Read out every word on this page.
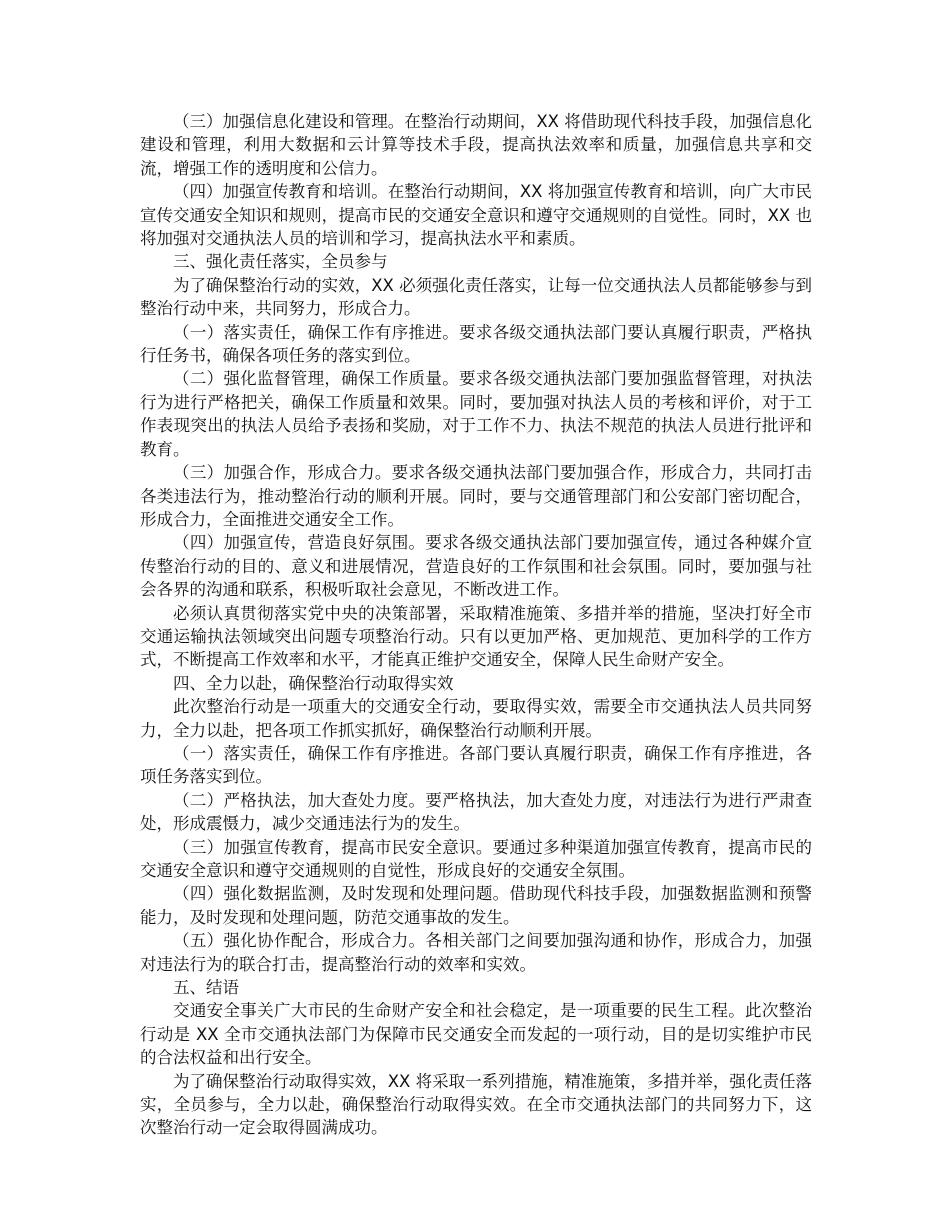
（三）加强信息化建设和管理。在整治行动期间，XX 将借助现代科技手段，加强信息化建设和管理，利用大数据和云计算等技术手段，提高执法效率和质量，加强信息共享和交流，增强工作的透明度和公信力。

（四）加强宣传教育和培训。在整治行动期间，XX 将加强宣传教育和培训，向广大市民宣传交通安全知识和规则，提高市民的交通安全意识和遵守交通规则的自觉性。同时，XX 也将加强对交通执法人员的培训和学习，提高执法水平和素质。

三、强化责任落实，全员参与

为了确保整治行动的实效，XX 必须强化责任落实，让每一位交通执法人员都能够参与到整治行动中来，共同努力，形成合力。

（一）落实责任，确保工作有序推进。要求各级交通执法部门要认真履行职责，严格执行任务书，确保各项任务的落实到位。

（二）强化监督管理，确保工作质量。要求各级交通执法部门要加强监督管理，对执法行为进行严格把关，确保工作质量和效果。同时，要加强对执法人员的考核和评价，对于工作表现突出的执法人员给予表扬和奖励，对于工作不力、执法不规范的执法人员进行批评和教育。

（三）加强合作，形成合力。要求各级交通执法部门要加强合作，形成合力，共同打击各类违法行为，推动整治行动的顺利开展。同时，要与交通管理部门和公安部门密切配合，形成合力，全面推进交通安全工作。

（四）加强宣传，营造良好氛围。要求各级交通执法部门要加强宣传，通过各种媒介宣传整治行动的目的、意义和进展情况，营造良好的工作氛围和社会氛围。同时，要加强与社会各界的沟通和联系，积极听取社会意见，不断改进工作。

必须认真贯彻落实党中央的决策部署，采取精准施策、多措并举的措施，坚决打好全市交通运输执法领域突出问题专项整治行动。只有以更加严格、更加规范、更加科学的工作方式，不断提高工作效率和水平，才能真正维护交通安全，保障人民生命财产安全。

四、全力以赴，确保整治行动取得实效

此次整治行动是一项重大的交通安全行动，要取得实效，需要全市交通执法人员共同努力，全力以赴，把各项工作抓实抓好，确保整治行动顺利开展。

（一）落实责任，确保工作有序推进。各部门要认真履行职责，确保工作有序推进，各项任务落实到位。

（二）严格执法，加大查处力度。要严格执法，加大查处力度，对违法行为进行严肃查处，形成震慑力，减少交通违法行为的发生。

（三）加强宣传教育，提高市民安全意识。要通过多种渠道加强宣传教育，提高市民的交通安全意识和遵守交通规则的自觉性，形成良好的交通安全氛围。

（四）强化数据监测，及时发现和处理问题。借助现代科技手段，加强数据监测和预警能力，及时发现和处理问题，防范交通事故的发生。

（五）强化协作配合，形成合力。各相关部门之间要加强沟通和协作，形成合力，加强对违法行为的联合打击，提高整治行动的效率和实效。

五、结语

交通安全事关广大市民的生命财产安全和社会稳定，是一项重要的民生工程。此次整治行动是 XX 全市交通执法部门为保障市民交通安全而发起的一项行动，目的是切实维护市民的合法权益和出行安全。

为了确保整治行动取得实效，XX 将采取一系列措施，精准施策，多措并举，强化责任落实，全员参与，全力以赴，确保整治行动取得实效。在全市交通执法部门的共同努力下，这次整治行动一定会取得圆满成功。
